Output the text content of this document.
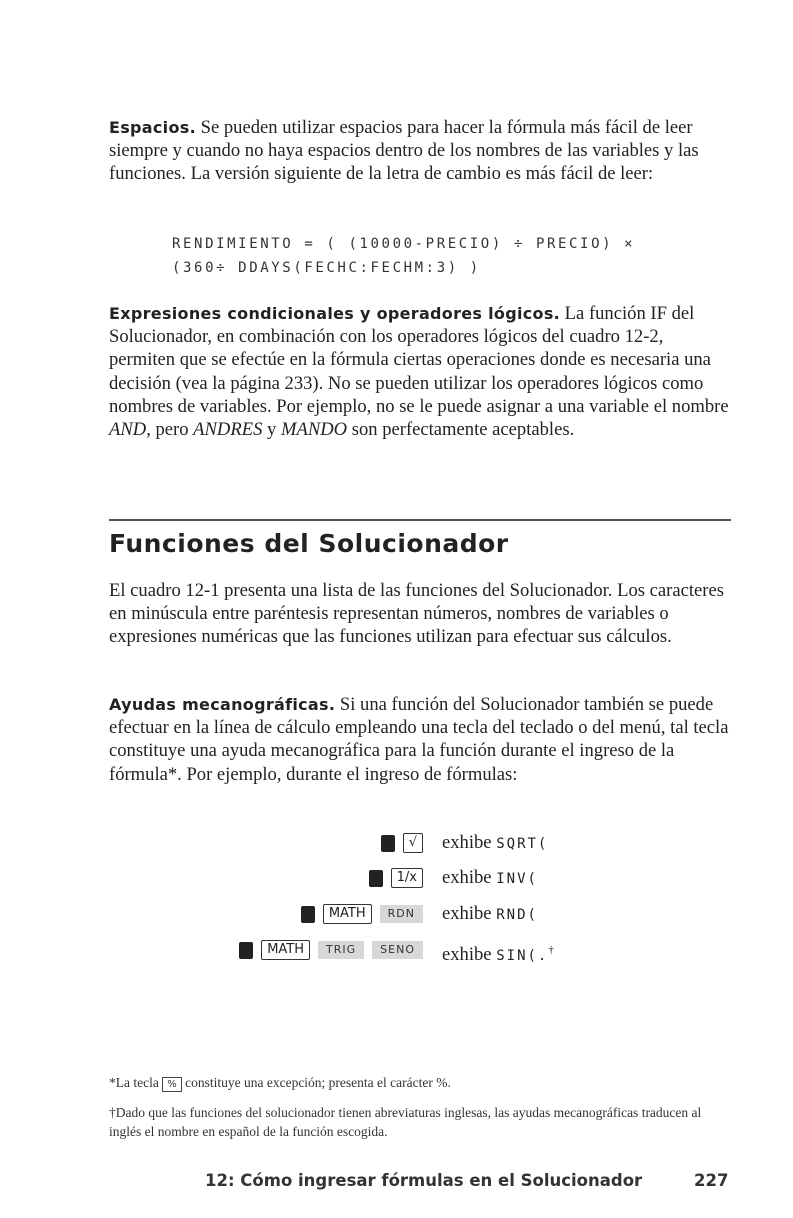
Espacios. Se pueden utilizar espacios para hacer la fórmula más fácil de leer siempre y cuando no haya espacios dentro de los nombres de las variables y las funciones. La versión siguiente de la letra de cambio es más fácil de leer:

RENDIMIENTO = ( (10000-PRECIO) ÷ PRECIO) ×
(360÷ DDAYS(FECHC:FECHM:3) )

Expresiones condicionales y operadores lógicos. La función IF del Solucionador, en combinación con los operadores lógicos del cuadro 12-2, permiten que se efectúe en la fórmula ciertas operaciones donde es necesaria una decisión (vea la página 233). No se pueden utilizar los operadores lógicos como nombres de variables. Por ejemplo, no se le puede asignar a una variable el nombre AND, pero ANDRES y MANDO son perfectamente aceptables.

Funciones del Solucionador

El cuadro 12-1 presenta una lista de las funciones del Solucionador. Los caracteres en minúscula entre paréntesis representan números, nombres de variables o expresiones numéricas que las funciones utilizan para efectuar sus cálculos.

Ayudas mecanográficas. Si una función del Solucionador también se puede efectuar en la línea de cálculo empleando una tecla del teclado o del menú, tal tecla constituye una ayuda mecanográfica para la función durante el ingreso de la fórmula*. Por ejemplo, durante el ingreso de fórmulas:

√	exhibe SQRT(
1/x	exhibe INV(
MATH	RDN	exhibe RND(
MATH	TRIG	SENO	exhibe SIN(.†
*La tecla % constituye una excepción; presenta el carácter %.
†Dado que las funciones del solucionador tienen abreviaturas inglesas, las ayudas mecanográficas traducen al inglés el nombre en español de la función escogida.
12: Cómo ingresar fórmulas en el Solucionador	227
